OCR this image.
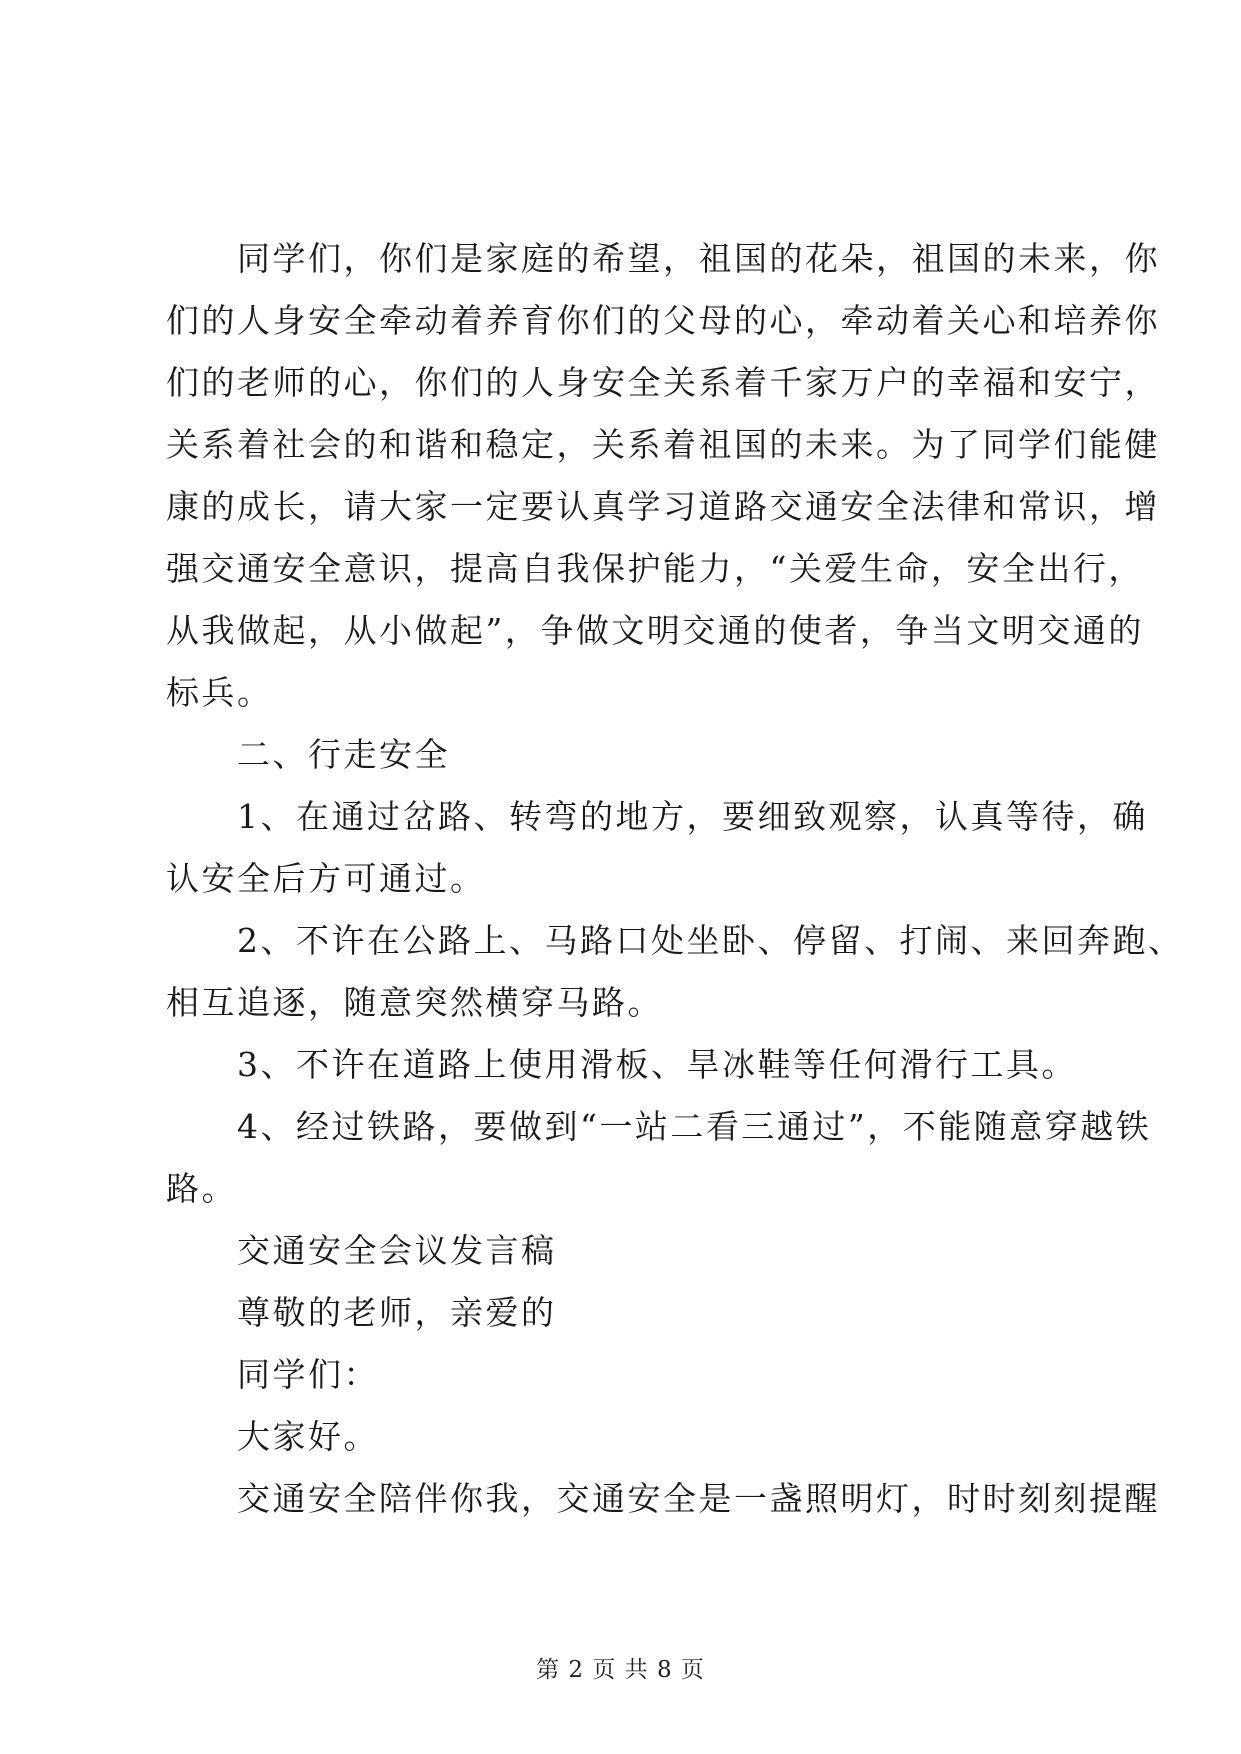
　　同学们，你们是家庭的希望，祖国的花朵，祖国的未来，你
们的人身安全牵动着养育你们的父母的心，牵动着关心和培养你
们的老师的心，你们的人身安全关系着千家万户的幸福和安宁，
关系着社会的和谐和稳定，关系着祖国的未来。为了同学们能健
康的成长，请大家一定要认真学习道路交通安全法律和常识，增
强交通安全意识，提高自我保护能力，“关爱生命，安全出行，
从我做起，从小做起”，争做文明交通的使者，争当文明交通的
标兵。
　　二、行走安全
　　1、在通过岔路、转弯的地方，要细致观察，认真等待，确
认安全后方可通过。
　　2、不许在公路上、马路口处坐卧、停留、打闹、来回奔跑、
相互追逐，随意突然横穿马路。
　　3、不许在道路上使用滑板、旱冰鞋等任何滑行工具。
　　4、经过铁路，要做到“一站二看三通过”，不能随意穿越铁
路。
　　交通安全会议发言稿
　　尊敬的老师，亲爱的
　　同学们：
　　大家好。
　　交通安全陪伴你我，交通安全是一盏照明灯，时时刻刻提醒
第 2 页 共 8 页
